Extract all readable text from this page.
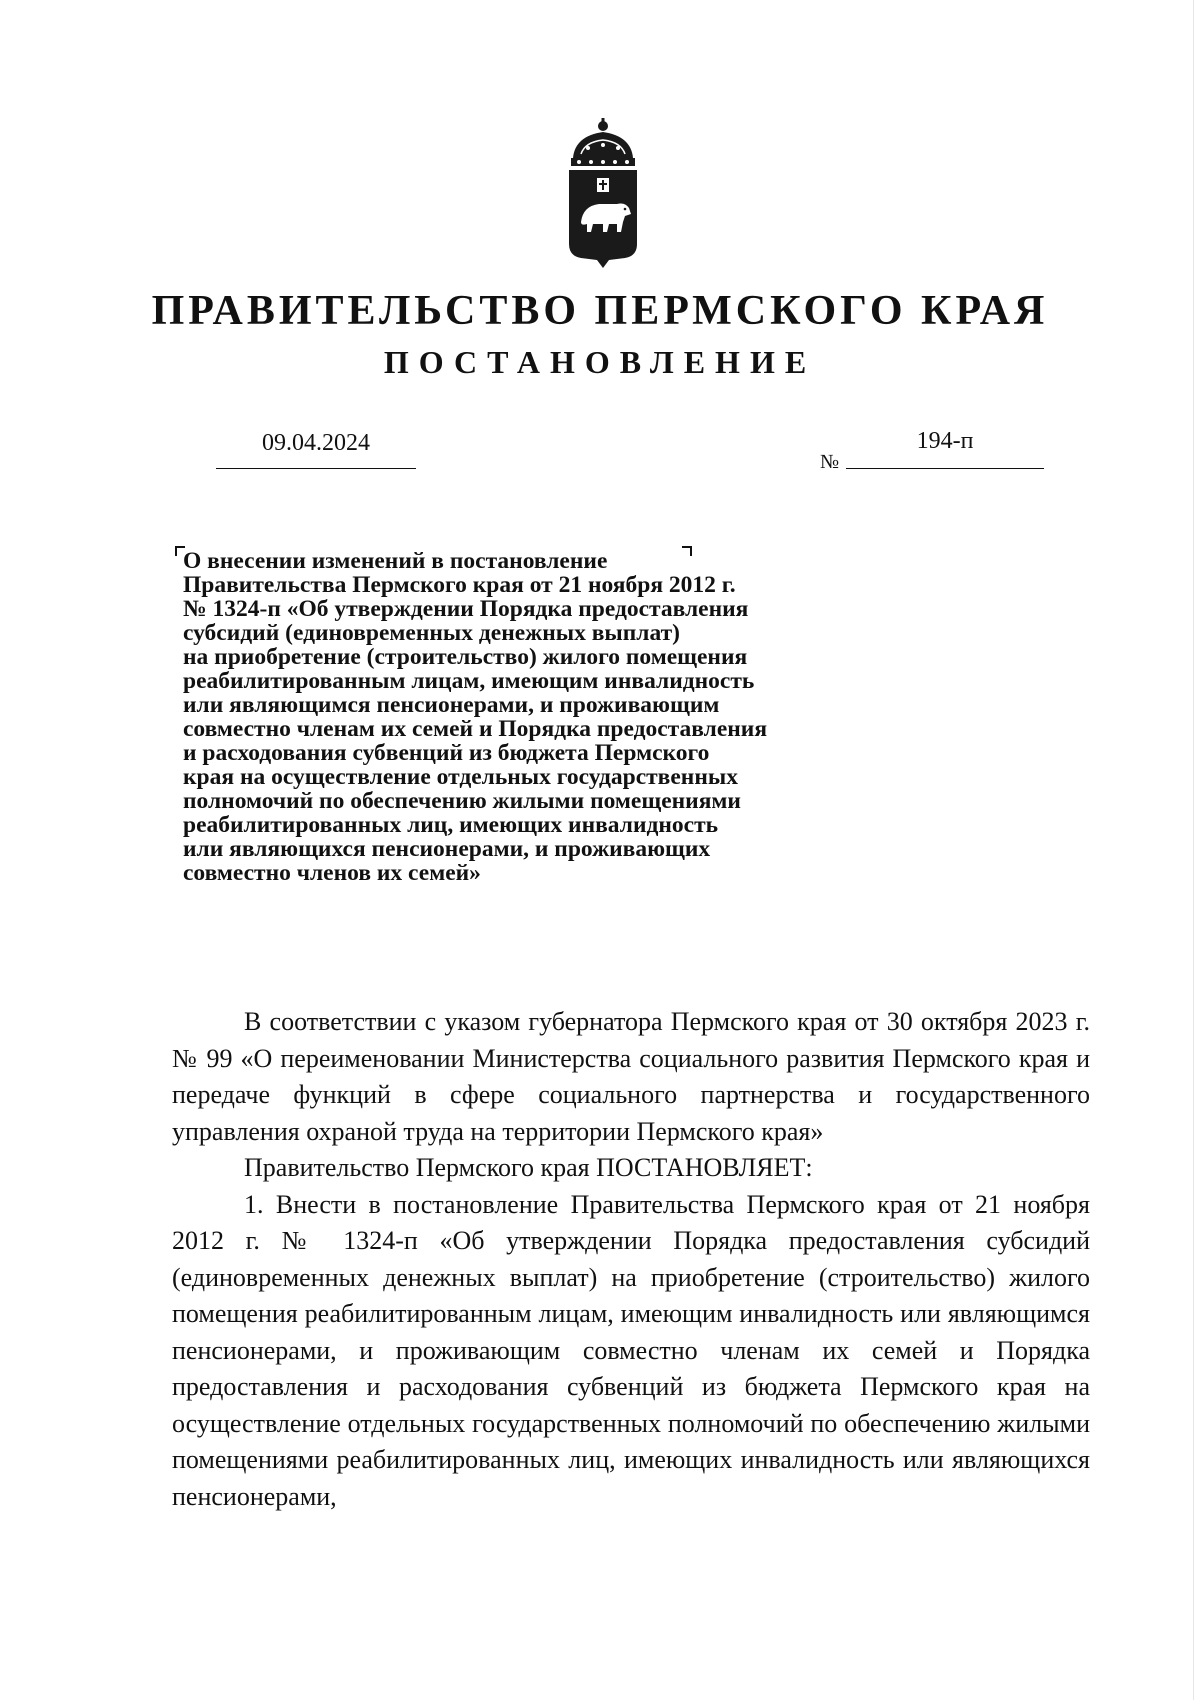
ПРАВИТЕЛЬСТВО ПЕРМСКОГО КРАЯ
ПОСТАНОВЛЕНИЕ
09.04.2024
№
194-п
О внесении изменений в постановление
Правительства Пермского края от 21 ноября 2012 г.
№ 1324-п «Об утверждении Порядка предоставления
субсидий (единовременных денежных выплат)
на приобретение (строительство) жилого помещения
реабилитированным лицам, имеющим инвалидность
или являющимся пенсионерами, и проживающим
совместно членам их семей и Порядка предоставления
и расходования субвенций из бюджета Пермского
края на осуществление отдельных государственных
полномочий по обеспечению жилыми помещениями
реабилитированных лиц, имеющих инвалидность
или являющихся пенсионерами, и проживающих
совместно членов их семей»

В соответствии с указом губернатора Пермского края от 30 октября 2023 г. № 99 «О переименовании Министерства социального развития Пермского края и передаче функций в сфере социального партнерства и государственного управления охраной труда на территории Пермского края»

Правительство Пермского края ПОСТАНОВЛЯЕТ:

1. Внести в постановление Правительства Пермского края от 21 ноября 2012 г. № 1324-п «Об утверждении Порядка предоставления субсидий (единовременных денежных выплат) на приобретение (строительство) жилого помещения реабилитированным лицам, имеющим инвалидность или являющимся пенсионерами, и проживающим совместно членам их семей и Порядка предоставления и расходования субвенций из бюджета Пермского края на осуществление отдельных государственных полномочий по обеспечению жилыми помещениями реабилитированных лиц, имеющих инвалидность или являющихся пенсионерами,
